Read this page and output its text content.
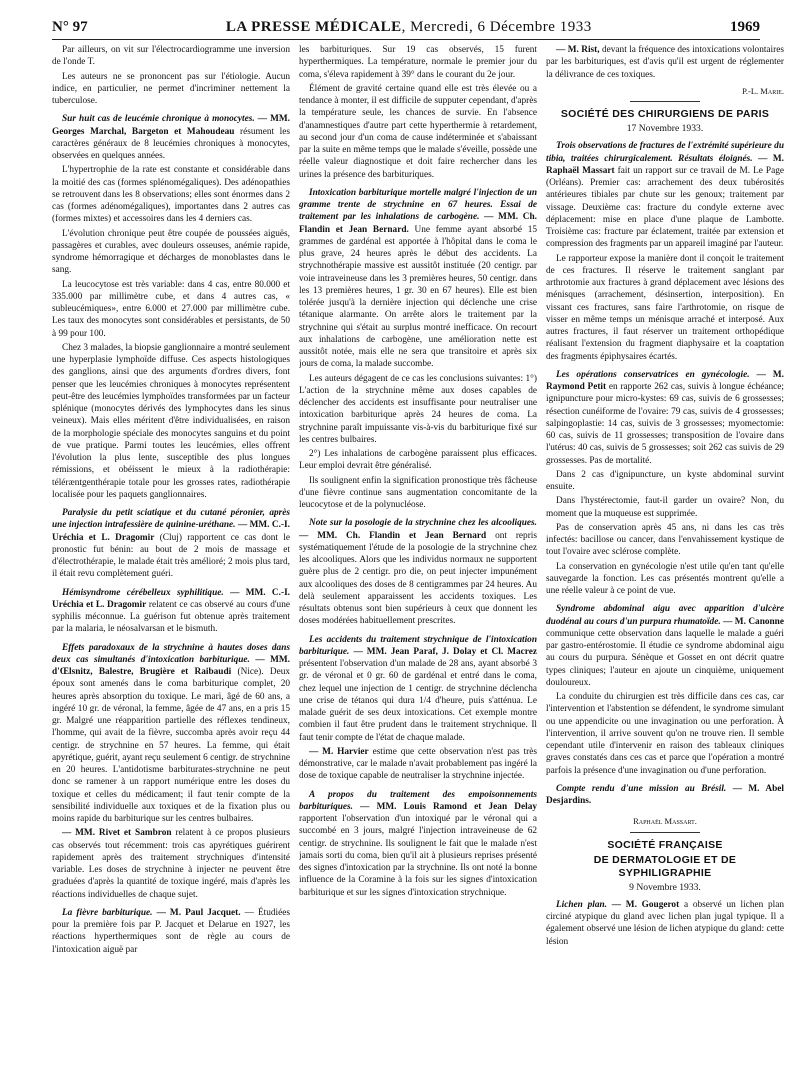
N° 97	LA PRESSE MÉDICALE, Mercredi, 6 Décembre 1933	1969

Par ailleurs, on vit sur l'électrocardiogramme une inversion de l'onde T.

Les auteurs ne se prononcent pas sur l'étiologie. Aucun indice, en particulier, ne permet d'incriminer nettement la tuberculose.

Sur huit cas de leucémie chronique à monocytes. — MM. Georges Marchal, Bargeton et Mahoudeau résument les caractères généraux de 8 leucémies chroniques à monocytes, observées en quelques années.

L'hypertrophie de la rate est constante et considérable dans la moitié des cas (formes splénomégaliques). Des adénopathies se retrouvent dans les 8 observations; elles sont énormes dans 2 cas (formes adénomégaliques), importantes dans 2 autres cas (formes mixtes) et accessoires dans les 4 derniers cas.

L'évolution chronique peut être coupée de poussées aiguës, passagères et curables, avec douleurs osseuses, anémie rapide, syndrome hémorragique et décharges de monoblastes dans le sang.

La leucocytose est très variable: dans 4 cas, entre 80.000 et 335.000 par millimètre cube, et dans 4 autres cas, « subleucémiques», entre 6.000 et 27.000 par millimètre cube. Les taux des monocytes sont considérables et persistants, de 50 à 99 pour 100.

Chez 3 malades, la biopsie ganglionnaire a montré seulement une hyperplasie lymphoïde diffuse. Ces aspects histologiques des ganglions, ainsi que des arguments d'ordres divers, font penser que les leucémies chroniques à monocytes représentent peut-être des leucémies lymphoïdes transformées par un facteur splénique (monocytes dérivés des lymphocytes dans les sinus veineux). Mais elles méritent d'être individualisées, en raison de la morphologie spéciale des monocytes sanguins et du point de vue pratique. Parmi toutes les leucémies, elles offrent l'évolution la plus lente, susceptible des plus longues rémissions, et obéissent le mieux à la radiothérapie: téléræntgenthérapie totale pour les grosses rates, radiothérapie localisée pour les paquets ganglionnaires.

Paralysie du petit sciatique et du cutané péronier, après une injection intrafessière de quinine-uréthane. — MM. C.-I. Uréchia et L. Dragomir (Cluj) rapportent ce cas dont le pronostic fut bénin: au bout de 2 mois de massage et d'électrothérapie, le malade était très amélioré; 2 mois plus tard, il était revu complètement guéri.

Hémisyndrome cérébelleux syphilitique. — MM. C.-I. Uréchia et L. Dragomir relatent ce cas observé au cours d'une syphilis méconnue. La guérison fut obtenue après traitement par la malaria, le néosalvarsan et le bismuth.

Effets paradoxaux de la strychnine à hautes doses dans deux cas simultanés d'intoxication barbiturique. — MM. d'Œlsnitz, Balestre, Brugière et Raibaudi (Nice). Deux époux sont amenés dans le coma barbiturique complet, 20 heures après absorption du toxique. Le mari, âgé de 60 ans, a ingéré 10 gr. de véronal, la femme, âgée de 47 ans, en a pris 15 gr. Malgré une réapparition partielle des réflexes tendineux, l'homme, qui avait de la fièvre, succomba après avoir reçu 44 centigr. de strychnine en 57 heures. La femme, qui était apyrétique, guérit, ayant reçu seulement 6 centigr. de strychnine en 20 heures. L'antidotisme barbiturates-strychnine ne peut donc se ramener à un rapport numérique entre les doses du toxique et celles du médicament; il faut tenir compte de la sensibilité individuelle aux toxiques et de la fixation plus ou moins rapide du barbiturique sur les centres bulbaires.

— MM. Rivet et Sambron relatent à ce propos plusieurs cas observés tout récemment: trois cas apyrétiques guérirent rapidement après des traitement strychniques d'intensité variable. Les doses de strychnine à injecter ne peuvent être graduées d'après la quantité de toxique ingéré, mais d'après les réactions individuelles de chaque sujet.

La fièvre barbiturique. — M. Paul Jacquet. — Étudiées pour la première fois par P. Jacquet et Delarue en 1927, les réactions hyperthermiques sont de règle au cours de l'intoxication aiguë par

les barbituriques. Sur 19 cas observés, 15 furent hyperthermiques. La température, normale le premier jour du coma, s'éleva rapidement à 39° dans le courant du 2e jour.

Élément de gravité certaine quand elle est très élevée ou a tendance à monter, il est difficile de supputer cependant, d'après la température seule, les chances de survie. En l'absence d'anamnestiques d'autre part cette hyperthermie à retardement, au second jour d'un coma de cause indéterminée et s'abaissant par la suite en même temps que le malade s'éveille, possède une réelle valeur diagnostique et doit faire rechercher dans les urines la présence des barbituriques.

Intoxication barbiturique mortelle malgré l'injection de un gramme trente de strychnine en 67 heures. Essai de traitement par les inhalations de carbogène. — MM. Ch. Flandin et Jean Bernard. Une femme ayant absorbé 15 grammes de gardénal est apportée à l'hôpital dans le coma le plus grave, 24 heures après le début des accidents. La strychnothérapie massive est aussitôt instituée (20 centigr. par voie intraveineuse dans les 3 premières heures, 50 centigr. dans les 13 premières heures, 1 gr. 30 en 67 heures). Elle est bien tolérée jusqu'à la dernière injection qui déclenche une crise tétanique alarmante. On arrête alors le traitement par la strychnine qui s'était au surplus montré inefficace. On recourt aux inhalations de carbogène, une amélioration nette est aussitôt notée, mais elle ne sera que transitoire et après six jours de coma, la malade succombe.

Les auteurs dégagent de ce cas les conclusions suivantes: 1°) L'action de la strychnine même aux doses capables de déclencher des accidents est insuffisante pour neutraliser une intoxication barbiturique après 24 heures de coma. La strychnine paraît impuissante vis-à-vis du barbiturique fixé sur les centres bulbaires.

2°) Les inhalations de carbogène paraissent plus efficaces. Leur emploi devrait être généralisé.

Ils soulignent enfin la signification pronostique très fâcheuse d'une fièvre continue sans augmentation concomitante de la leucocytose et de la polynucléose.

Note sur la posologie de la strychnine chez les alcooliques. — MM. Ch. Flandin et Jean Bernard ont repris systématiquement l'étude de la posologie de la strychnine chez les alcooliques. Alors que les individus normaux ne supportent guère plus de 2 centigr. pro die, on peut injecter impunément aux alcooliques des doses de 8 centigrammes par 24 heures. Au delà seulement apparaissent les accidents toxiques. Les résultats obtenus sont bien supérieurs à ceux que donnent les doses modérées habituellement prescrites.

Les accidents du traitement strychnique de l'intoxication barbiturique. — MM. Jean Paraf, J. Dolay et Cl. Macrez présentent l'observation d'un malade de 28 ans, ayant absorbé 3 gr. de véronal et 0 gr. 60 de gardénal et entré dans le coma, chez lequel une injection de 1 centigr. de strychnine déclencha une crise de tétanos qui dura 1/4 d'heure, puis s'atténua. Le malade guérit de ses deux intoxications. Cet exemple montre combien il faut être prudent dans le traitement strychnique. Il faut tenir compte de l'état de chaque malade.

— M. Harvier estime que cette observation n'est pas très démonstrative, car le malade n'avait probablement pas ingéré la dose de toxique capable de neutraliser la strychnine injectée.

A propos du traitement des empoisonnements barbituriques. — MM. Louis Ramond et Jean Delay rapportent l'observation d'un intoxiqué par le véronal qui a succombé en 3 jours, malgré l'injection intraveineuse de 62 centigr. de strychnine. Ils soulignent le fait que le malade n'est jamais sorti du coma, bien qu'il ait à plusieurs reprises présenté des signes d'intoxication par la strychnine. Ils ont noté la bonne influence de la Coramine à la fois sur les signes d'intoxication barbiturique et sur les signes d'intoxication strychnique.

— M. Rist, devant la fréquence des intoxications volontaires par les barbituriques, est d'avis qu'il est urgent de réglementer la délivrance de ces toxiques.

P.-L. Marie.
SOCIÉTÉ DES CHIRURGIENS DE PARIS
17 Novembre 1933.

Trois observations de fractures de l'extrémité supérieure du tibia, traitées chirurgicalement. Résultats éloignés. — M. Raphaël Massart fait un rapport sur ce travail de M. Le Page (Orléans). Premier cas: arrachement des deux tubérosités antérieures tibiales par chute sur les genoux; traitement par vissage. Deuxième cas: fracture du condyle externe avec déplacement: mise en place d'une plaque de Lambotte. Troisième cas: fracture par éclatement, traitée par extension et compression des fragments par un appareil imaginé par l'auteur.

Le rapporteur expose la manière dont il conçoit le traitement de ces fractures. Il réserve le traitement sanglant par arthrotomie aux fractures à grand déplacement avec lésions des ménisques (arrachement, désinsertion, interposition). En vissant ces fractures, sans faire l'arthrotomie, on risque de visser en même temps un ménisque arraché et interposé. Aux autres fractures, il faut réserver un traitement orthopédique réalisant l'extension du fragment diaphysaire et la coaptation des fragments épiphysaires écartés.

Les opérations conservatrices en gynécologie. — M. Raymond Petit en rapporte 262 cas, suivis à longue échéance; ignipuncture pour micro-kystes: 69 cas, suivis de 6 grossesses; résection cunéiforme de l'ovaire: 79 cas, suivis de 4 grossesses; salpingoplastie: 14 cas, suivis de 3 grossesses; myomectomie: 60 cas, suivis de 11 grossesses; transposition de l'ovaire dans l'utérus: 40 cas, suivis de 5 grossesses; soit 262 cas suivis de 29 grossesses. Pas de mortalité.

Dans 2 cas d'ignipuncture, un kyste abdominal survint ensuite.

Dans l'hystérectomie, faut-il garder un ovaire? Non, du moment que la muqueuse est supprimée.

Pas de conservation après 45 ans, ni dans les cas très infectés: bacillose ou cancer, dans l'envahissement kystique de tout l'ovaire avec sclérose complète.

La conservation en gynécologie n'est utile qu'en tant qu'elle sauvegarde la fonction. Les cas présentés montrent qu'elle a une réelle valeur à ce point de vue.

Syndrome abdominal aigu avec apparition d'ulcère duodénal au cours d'un purpura rhumatoïde. — M. Canonne communique cette observation dans laquelle le malade a guéri par gastro-entérostomie. Il étudie ce syndrome abdominal aigu au cours du purpura. Sénèque et Gosset en ont décrit quatre types cliniques; l'auteur en ajoute un cinquième, uniquement douloureux.

La conduite du chirurgien est très difficile dans ces cas, car l'intervention et l'abstention se défendent, le syndrome simulant ou une appendicite ou une invagination ou une perforation. À l'intervention, il arrive souvent qu'on ne trouve rien. Il semble cependant utile d'intervenir en raison des tableaux cliniques graves constatés dans ces cas et parce que l'opération a montré parfois la présence d'une invagination ou d'une perforation.

Compte rendu d'une mission au Brésil. — M. Abel Desjardins.

Raphaël Massart.
SOCIÉTÉ FRANÇAISE
DE DERMATOLOGIE ET DE SYPHILIGRAPHIE
9 Novembre 1933.

Lichen plan. — M. Gougerot a observé un lichen plan circiné atypique du gland avec lichen plan jugal typique. Il a également observé une lésion de lichen atypique du gland: cette lésion
